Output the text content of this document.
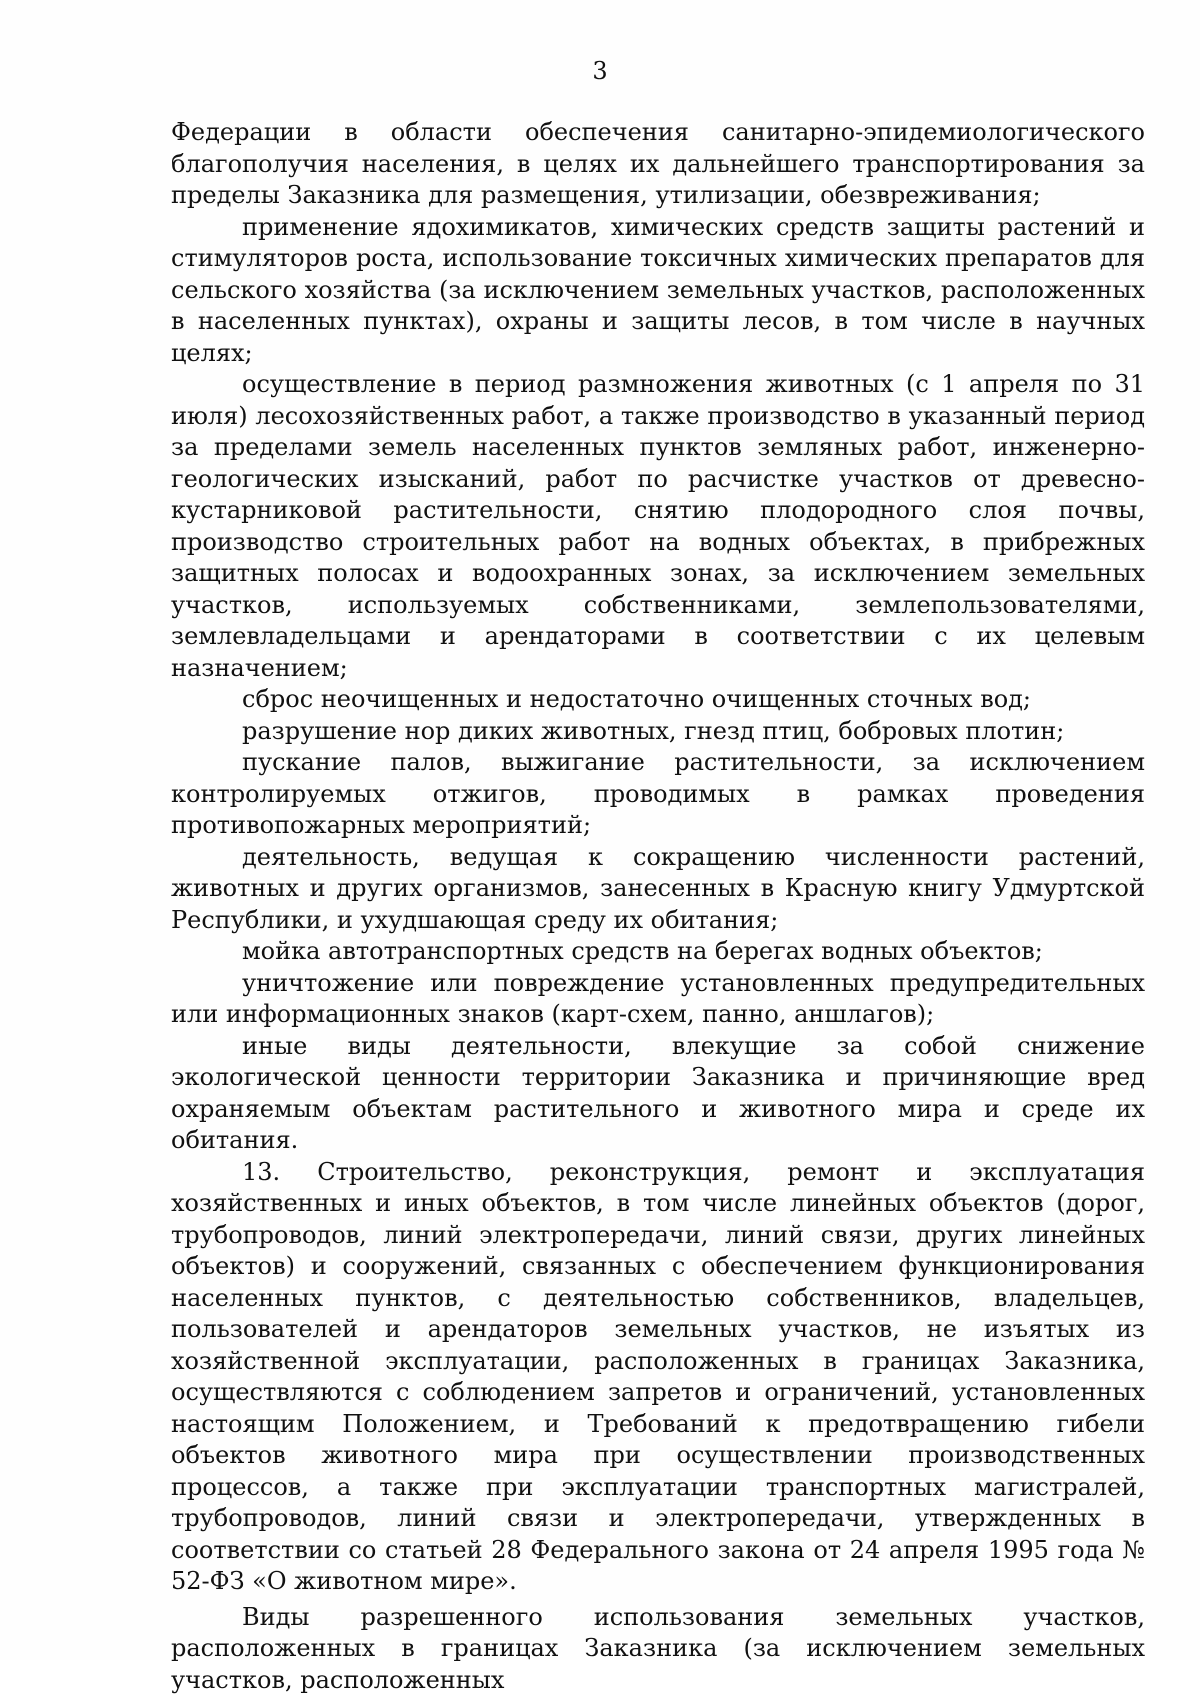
3

Федерации в области обеспечения санитарно-эпидемиологического благополучия населения, в целях их дальнейшего транспортирования за пределы Заказника для размещения, утилизации, обезвреживания;

применение ядохимикатов, химических средств защиты растений и стимуляторов роста, использование токсичных химических препаратов для сельского хозяйства (за исключением земельных участков, расположенных в населенных пунктах), охраны и защиты лесов, в том числе в научных целях;

осуществление в период размножения животных (с 1 апреля по 31 июля) лесохозяйственных работ, а также производство в указанный период за пределами земель населенных пунктов земляных работ, инженерно-геологических изысканий, работ по расчистке участков от древесно-кустарниковой растительности, снятию плодородного слоя почвы, производство строительных работ на водных объектах, в прибрежных защитных полосах и водоохранных зонах, за исключением земельных участков, используемых собственниками, землепользователями, землевладельцами и арендаторами в соответствии с их целевым назначением;

сброс неочищенных и недостаточно очищенных сточных вод;

разрушение нор диких животных, гнезд птиц, бобровых плотин;

пускание палов, выжигание растительности, за исключением контролируемых отжигов, проводимых в рамках проведения противопожарных мероприятий;

деятельность, ведущая к сокращению численности растений, животных и других организмов, занесенных в Красную книгу Удмуртской Республики, и ухудшающая среду их обитания;

мойка автотранспортных средств на берегах водных объектов;

уничтожение или повреждение установленных предупредительных или информационных знаков (карт-схем, панно, аншлагов);

иные виды деятельности, влекущие за собой снижение экологической ценности территории Заказника и причиняющие вред охраняемым объектам растительного и животного мира и среде их обитания.

13. Строительство, реконструкция, ремонт и эксплуатация хозяйственных и иных объектов, в том числе линейных объектов (дорог, трубопроводов, линий электропередачи, линий связи, других линейных объектов) и сооружений, связанных с обеспечением функционирования населенных пунктов, с деятельностью собственников, владельцев, пользователей и арендаторов земельных участков, не изъятых из хозяйственной эксплуатации, расположенных в границах Заказника, осуществляются с соблюдением запретов и ограничений, установленных настоящим Положением, и Требований к предотвращению гибели объектов животного мира при осуществлении производственных процессов, а также при эксплуатации транспортных магистралей, трубопроводов, линий связи и электропередачи, утвержденных в соответствии со статьей 28 Федерального закона от 24 апреля 1995 года № 52-ФЗ «О животном мире».

Виды разрешенного использования земельных участков, расположенных в границах Заказника (за исключением земельных участков, расположенных
